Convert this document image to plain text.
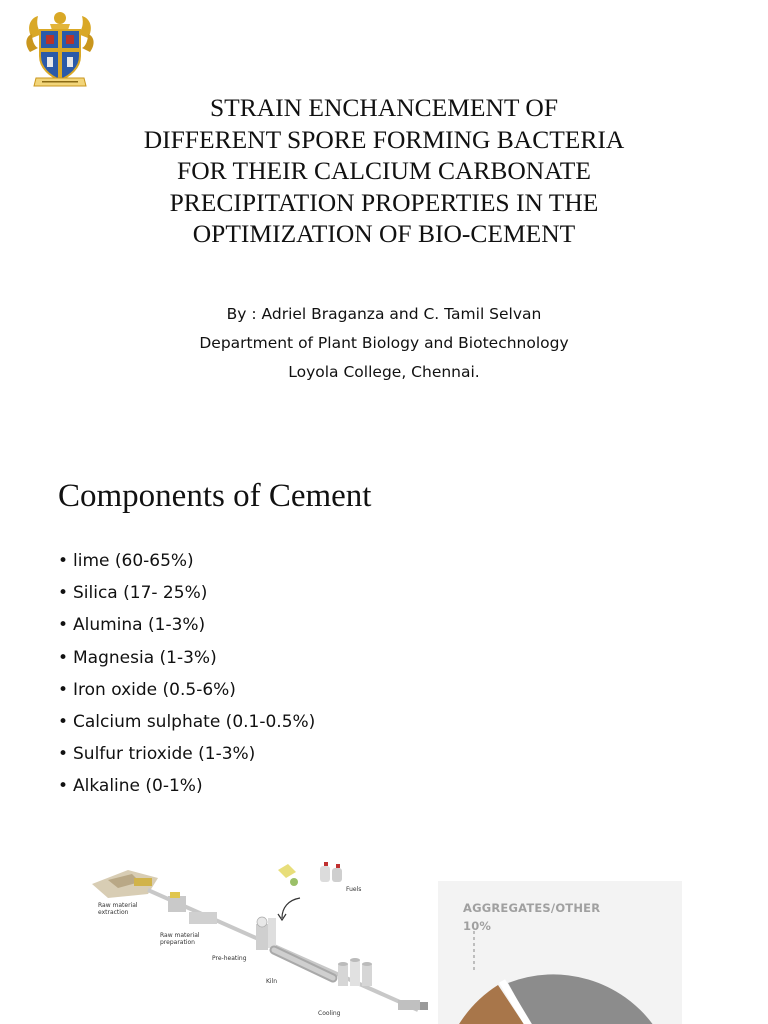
STRAIN ENCHANCEMENT OF
DIFFERENT SPORE FORMING BACTERIA
FOR THEIR CALCIUM CARBONATE
PRECIPITATION PROPERTIES IN THE
OPTIMIZATION OF BIO-CEMENT
By : Adriel Braganza and C. Tamil Selvan
Department of Plant Biology and Biotechnology
Loyola College, Chennai.
Components of Cement
• lime (60-65%)
• Silica (17- 25%)
• Alumina (1-3%)
• Magnesia (1-3%)
• Iron oxide (0.5-6%)
• Calcium sulphate (0.1-0.5%)
• Sulfur trioxide (1-3%)
• Alkaline (0-1%)
Raw material
extraction
Raw material
preparation
Pre-heating
Kiln
Cooling
Fuels
AGGREGATES/OTHER
10%
